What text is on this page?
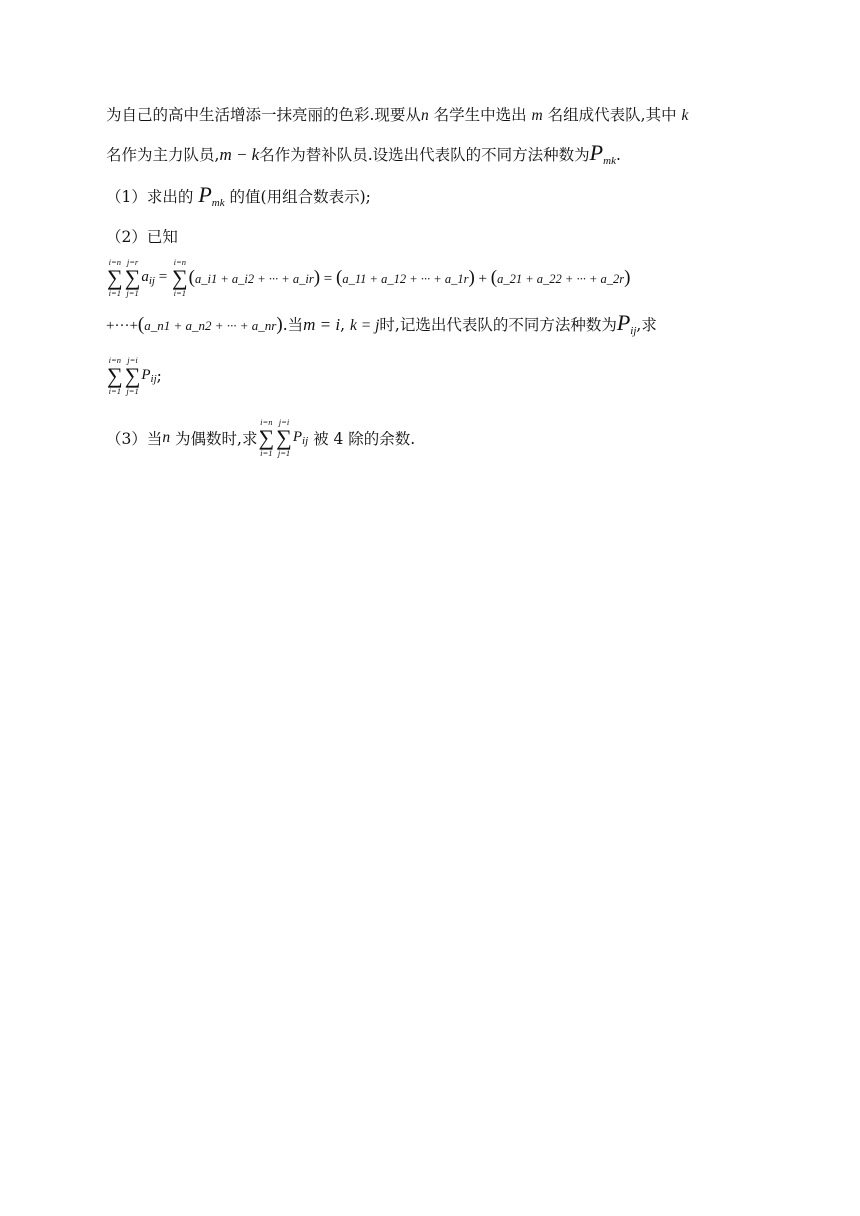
为自己的高中生活增添一抹亮丽的色彩.现要从n 名学生中选出 m 名组成代表队,其中 k
名作为主力队员,m − k名作为替补队员.设选出代表队的不同方法种数为$P_{mk}$.
（1）求出的 $P_{mk}$ 的值(用组合数表示);
（2）已知
i=n
∑
i=1
j=r
∑
j=1
$a_{ij}$ =
i=n
∑
i=1
(a_i1 + a_i2 + ··· + a_ir) = (a_11 + a_12 + ··· + a_1r) + (a_21 + a_22 + ··· + a_2r)
+···+(a_n1 + a_n2 + ··· + a_nr).当m = i, k = j时,记选出代表队的不同方法种数为$P_{ij}$,求
i=n
∑
i=1
j=i
∑
j=1
$P_{ij}$;
（3）当n 为偶数时,求
i=n
∑
i=1
j=i
∑
j=1
$P_{ij}$ 被 4 除的余数.
